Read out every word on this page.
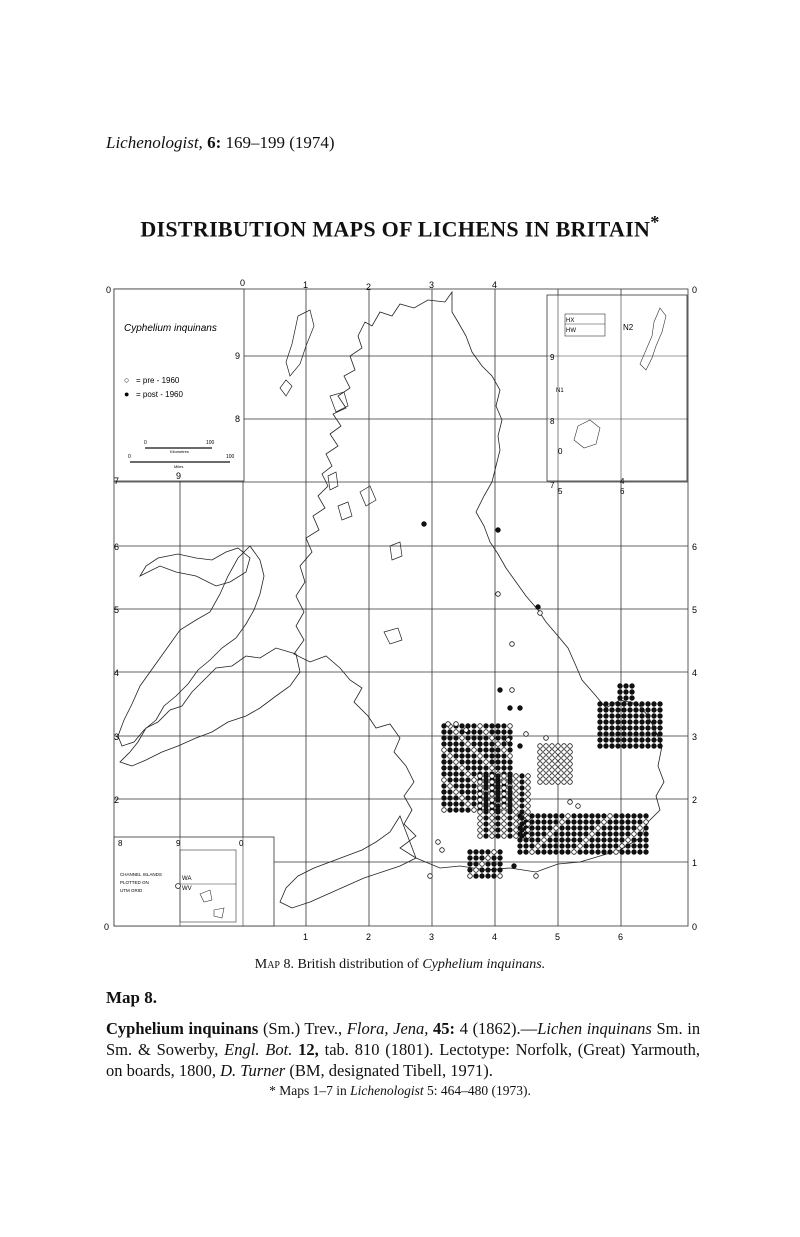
Lichenologist, 6: 169–199 (1974)
DISTRIBUTION MAPS OF LICHENS IN BRITAIN*
Cyphelium inquinans
○ = pre - 1960
● = post - 1960
0	100
Kilometres
0	100
Miles
HX
HW	N2
N1
9
8
0
7
5
4
6
8	9	0
CHANNEL ISLANDS
PLOTTED ON
UTM GRID
WA
WV
0
0	1	2	3	4
9
8
7	9
6
5
4
3
2
0
0
6
5
4
3
2
1
0
1	2	3	4	5	6
Map 8. British distribution of Cyphelium inquinans.
Map 8.
Cyphelium inquinans (Sm.) Trev., Flora, Jena, 45: 4 (1862).—Lichen inquinans Sm. in Sm. & Sowerby, Engl. Bot. 12, tab. 810 (1801). Lectotype: Norfolk, (Great) Yarmouth, on boards, 1800, D. Turner (BM, designated Tibell, 1971).
* Maps 1–7 in Lichenologist 5: 464–480 (1973).
